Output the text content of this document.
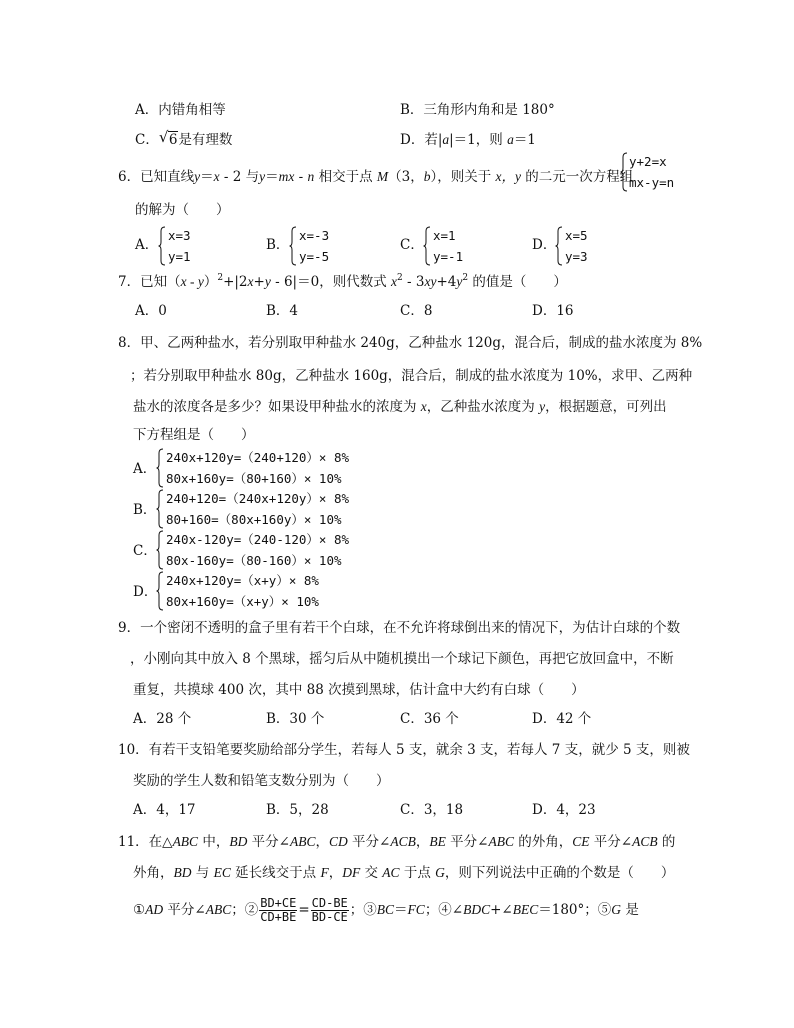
A．内错角相等	B．三角形内角和是 180°
C． √ 6是有理数	D．若|a|＝1，则 a＝1
6．已知直线y＝x - 2 与y＝mx - n 相交于点 M（3，b），则关于 x，y 的二元一次方程组
y+2=x
mx-y=n
的解为（　　）
A．
x=3
y=1
B．
x=-3
y=-5
C．
x=1
y=-1
D．
x=5
y=3
7．已知（x - y）$^2$+|2x+y - 6|＝0，则代数式 $x^2 - 3xy+4y^2$ 的值是（　　）
A．0	B．4	C．8	D．16
8．甲、乙两种盐水，若分别取甲种盐水 240g，乙种盐水 120g，混合后，制成的盐水浓度为 8%
；若分别取甲种盐水 80g，乙种盐水 160g，混合后，制成的盐水浓度为 10%，求甲、乙两种
盐水的浓度各是多少？如果设甲种盐水的浓度为 x，乙种盐水浓度为 y，根据题意，可列出
下方程组是（　　）
A．
240x+120y=（240+120）× 8%
80x+160y=（80+160）× 10%
B．
240+120=（240x+120y）× 8%
80+160=（80x+160y）× 10%
C．
240x-120y=（240-120）× 8%
80x-160y=（80-160）× 10%
D．
240x+120y=（x+y）× 8%
80x+160y=（x+y）× 10%
9．一个密闭不透明的盒子里有若干个白球，在不允许将球倒出来的情况下，为估计白球的个数
，小刚向其中放入 8 个黑球，摇匀后从中随机摸出一个球记下颜色，再把它放回盒中，不断
重复，共摸球 400 次，其中 88 次摸到黑球，估计盒中大约有白球（　　）
A．28 个	B．30 个	C．36 个	D．42 个
10．有若干支铅笔要奖励给部分学生，若每人 5 支，就余 3 支，若每人 7 支，就少 5 支，则被
奖励的学生人数和铅笔支数分别为（　　）
A．4，17	B．5，28	C．3，18	D．4，23
11．在△ABC 中，BD 平分∠ABC，CD 平分∠ACB，BE 平分∠ABC 的外角，CE 平分∠ACB 的
外角，BD 与 EC 延长线交于点 F，DF 交 AC 于点 G，则下列说法中正确的个数是（　　）
①AD 平分∠ABC；② $\frac{BD+CE}{CD+BE} = \frac{CD-BE}{BD-CE}$ ；③BC＝FC；④∠BDC+∠BEC＝180°；⑤G 是
